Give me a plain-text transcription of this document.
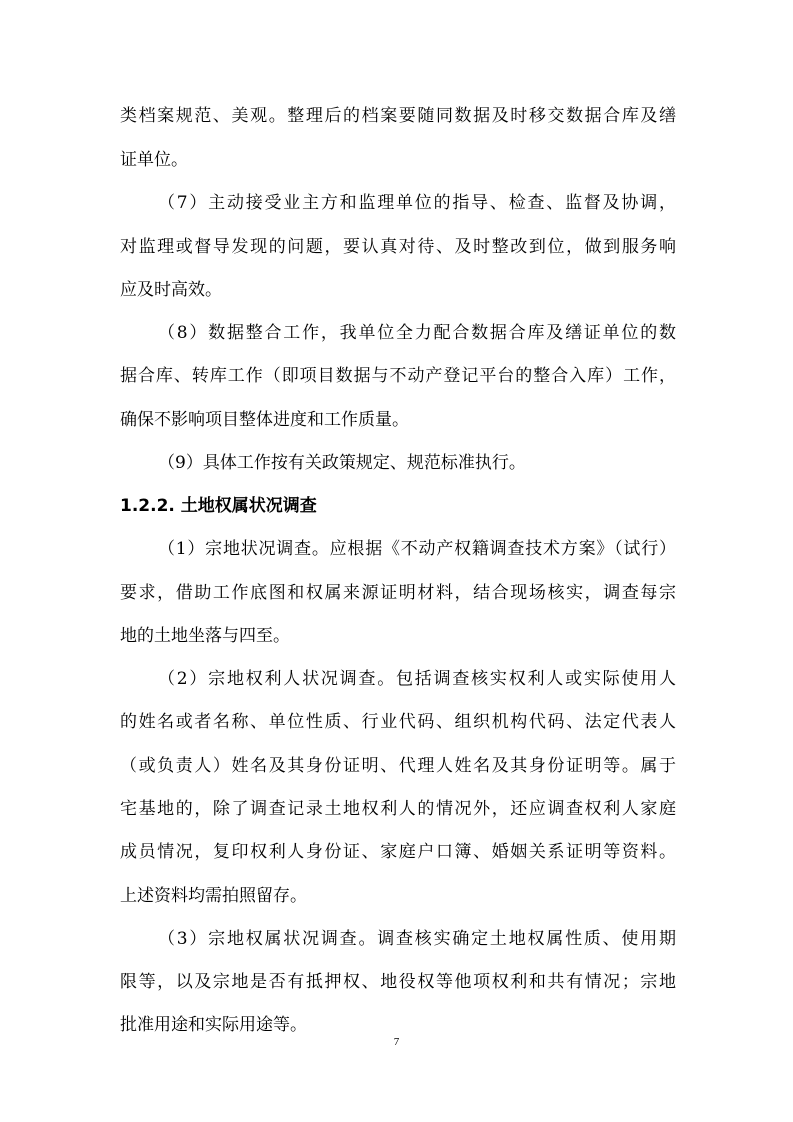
类档案规范、美观。整理后的档案要随同数据及时移交数据合库及缮
证单位。
（7）主动接受业主方和监理单位的指导、检查、监督及协调，
对监理或督导发现的问题，要认真对待、及时整改到位，做到服务响
应及时高效。
（8）数据整合工作，我单位全力配合数据合库及缮证单位的数
据合库、转库工作（即项目数据与不动产登记平台的整合入库）工作，
确保不影响项目整体进度和工作质量。
（9）具体工作按有关政策规定、规范标准执行。
1.2.2. 土地权属状况调查
（1）宗地状况调查。应根据《不动产权籍调查技术方案》（试行）
要求，借助工作底图和权属来源证明材料，结合现场核实，调查每宗
地的土地坐落与四至。
（2）宗地权利人状况调查。包括调查核实权利人或实际使用人
的姓名或者名称、单位性质、行业代码、组织机构代码、法定代表人
（或负责人）姓名及其身份证明、代理人姓名及其身份证明等。属于
宅基地的，除了调查记录土地权利人的情况外，还应调查权利人家庭
成员情况，复印权利人身份证、家庭户口簿、婚姻关系证明等资料。
上述资料均需拍照留存。
（3）宗地权属状况调查。调查核实确定土地权属性质、使用期
限等，以及宗地是否有抵押权、地役权等他项权利和共有情况；宗地
批准用途和实际用途等。
7
